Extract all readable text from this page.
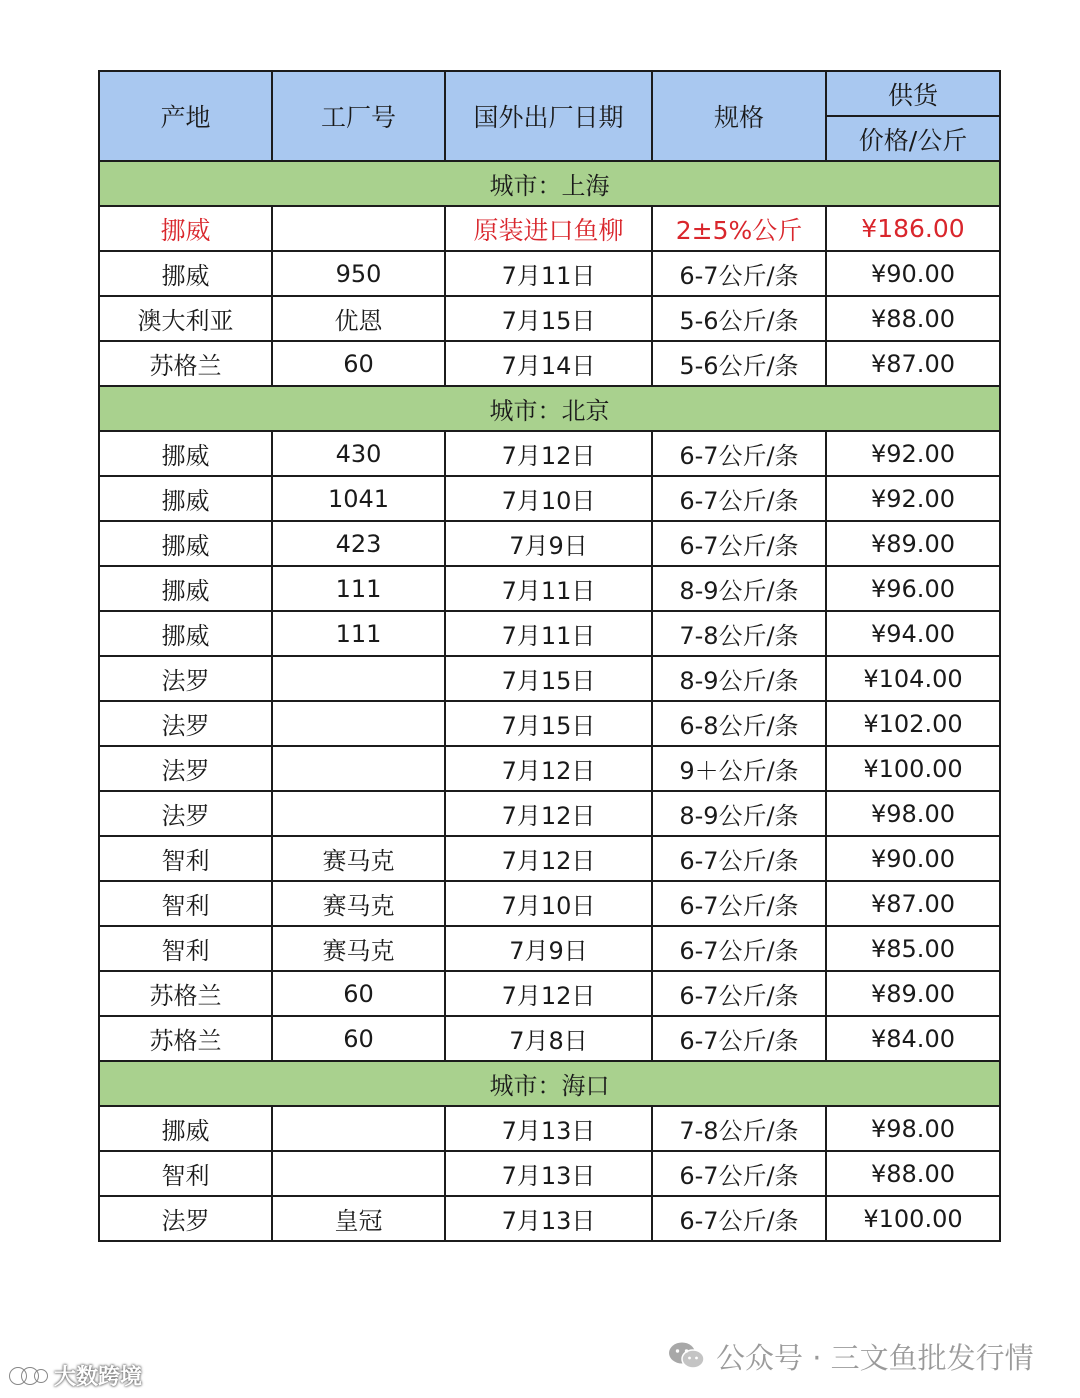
产地	工厂号	国外出厂日期	规格	供货
				价格/公斤
城市：上海				
挪威		原装进口鱼柳	2±5%公斤	¥186.00
挪威	950	7月11日	6-7公斤/条	¥90.00
澳大利亚	优恩	7月15日	5-6公斤/条	¥88.00
苏格兰	60	7月14日	5-6公斤/条	¥87.00
城市：北京				
挪威	430	7月12日	6-7公斤/条	¥92.00
挪威	1041	7月10日	6-7公斤/条	¥92.00
挪威	423	7月9日	6-7公斤/条	¥89.00
挪威	111	7月11日	8-9公斤/条	¥96.00
挪威	111	7月11日	7-8公斤/条	¥94.00
法罗		7月15日	8-9公斤/条	¥104.00
法罗		7月15日	6-8公斤/条	¥102.00
法罗		7月12日	9＋公斤/条	¥100.00
法罗		7月12日	8-9公斤/条	¥98.00
智利	赛马克	7月12日	6-7公斤/条	¥90.00
智利	赛马克	7月10日	6-7公斤/条	¥87.00
智利	赛马克	7月9日	6-7公斤/条	¥85.00
苏格兰	60	7月12日	6-7公斤/条	¥89.00
苏格兰	60	7月8日	6-7公斤/条	¥84.00
城市：海口				
挪威		7月13日	7-8公斤/条	¥98.00
智利		7月13日	6-7公斤/条	¥88.00
法罗	皇冠	7月13日	6-7公斤/条	¥100.00
公众号 · 三文鱼批发行情
大数跨境
